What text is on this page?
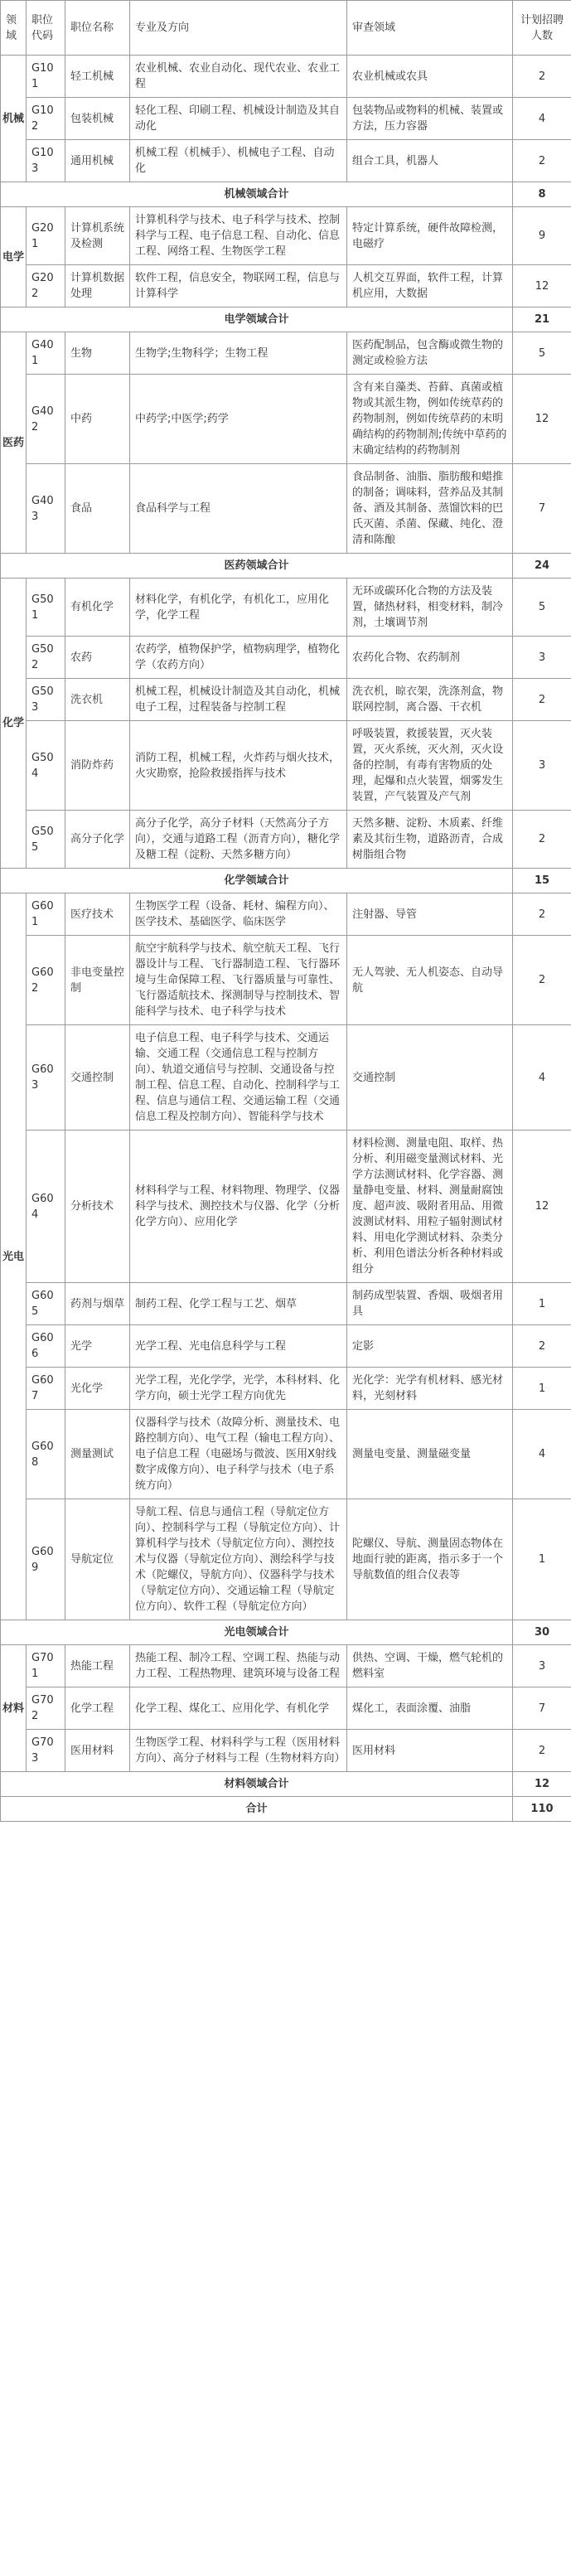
领域	职位代码	职位名称	专业及方向	审查领域	计划招聘人数
机械	G101	轻工机械	农业机械、农业自动化、现代农业、农业工程	农业机械或农具	2
	G102	包装机械	轻化工程、印刷工程、机械设计制造及其自动化	包装物品或物料的机械、装置或方法，压力容器	4
	G103	通用机械	机械工程（机械手）、机械电子工程、自动化	组合工具，机器人	2
机械领域合计					8
电学	G201	计算机系统及检测	计算机科学与技术、电子科学与技术、控制科学与工程、电子信息工程、自动化、信息工程、网络工程、生物医学工程	特定计算系统，硬件故障检测，电磁疗	9
	G202	计算机数据处理	软件工程，信息安全，物联网工程，信息与计算科学	人机交互界面，软件工程，计算机应用，大数据	12
电学领域合计					21
医药	G401	生物	生物学;生物科学；生物工程	医药配制品，包含酶或微生物的测定或检验方法	5
	G402	中药	中药学;中医学;药学	含有来自藻类、苔藓、真菌或植物或其派生物，例如传统草药的药物制剂，例如传统草药的末明确结构的药物制剂;传统中草药的末确定结构的药物制剂	12
	G403	食品	食品科学与工程	食品制备、油脂、脂肪酸和蜡推的制备；调味料，营养品及其制备、酒及其制备、蒸馏饮料的巴氏灭菌、杀菌、保藏、纯化、澄清和陈酿	7
医药领域合计					24
化学	G501	有机化学	材料化学，有机化学，有机化工，应用化学，化学工程	无环或碳环化合物的方法及装置，储热材料，相变材料，制冷剂，土壤调节剂	5
	G502	农药	农药学，植物保护学，植物病理学，植物化学（农药方向）	农药化合物、农药制剂	3
	G503	洗衣机	机械工程，机械设计制造及其自动化，机械电子工程，过程装备与控制工程	洗衣机，晾衣架，洗涤剂盒，物联网控制，离合器、干衣机	2
	G504	消防炸药	消防工程，机械工程，火炸药与烟火技术，火灾勘察，抢险救援指挥与技术	呼吸装置，救援装置，灭火装置，灭火系统，灭火剂，灭火设备的控制，有毒有害物质的处理，起爆和点火装置，烟雾发生装置，产气装置及产气剂	3
	G505	高分子化学	高分子化学，高分子材料（天然高分子方向），交通与道路工程（沥青方向），糖化学及糖工程（淀粉、天然多糖方向）	天然多糖、淀粉、木质素、纤维素及其衍生物，道路沥青，合成树脂组合物	2
化学领域合计					15
光电	G601	医疗技术	生物医学工程（设备、耗材、编程方向）、医学技术、基础医学、临床医学	注射器、导管	2
	G602	非电变量控制	航空宇航科学与技术、航空航天工程、飞行器设计与工程、飞行器制造工程、飞行器环境与生命保障工程、飞行器质量与可靠性、飞行器适航技术、探测制导与控制技术、智能科学与技术、电子科学与技术	无人驾驶、无人机姿态、自动导航	2
	G603	交通控制	电子信息工程、电子科学与技术、交通运输、交通工程（交通信息工程与控制方向）、轨道交通信号与控制、交通设备与控制工程、信息工程、自动化、控制科学与工程、信息与通信工程、交通运输工程（交通信息工程及控制方向）、智能科学与技术	交通控制	4
	G604	分析技术	材料科学与工程、材料物理、物理学、仪器科学与技术、测控技术与仪器、化学（分析化学方向）、应用化学	材料检测、测量电阻、取样、热分析、利用磁变量测试材料、光学方法测试材料、化学容器、测量静电变量、材料、测量耐腐蚀度、超声波、吸附者用品、用微波测试材料、用粒子辐射测试材料、用电化学测试材料、杂类分析、利用色谱法分析各种材料或组分	12
	G605	药剂与烟草	制药工程、化学工程与工艺、烟草	制药成型装置、香烟、吸烟者用具	1
	G606	光学	光学工程、光电信息科学与工程	定影	2
	G607	光化学	光学工程，光化学学，光学，本科材料、化学方向，硕士光学工程方向优先	光化学：光学有机材料、感光材料，光刻材料	1
	G608	测量测试	仪器科学与技术（故障分析、测量技术、电路控制方向）、电气工程（输电工程方向）、电子信息工程（电磁场与微波、医用X射线数字成像方向）、电子科学与技术（电子系统方向）	测量电变量、测量磁变量	4
	G609	导航定位	导航工程、信息与通信工程（导航定位方向）、控制科学与工程（导航定位方向）、计算机科学与技术（导航定位方向）、测控技术与仪器（导航定位方向）、测绘科学与技术（陀螺仪，导航方向）、仪器科学与技术（导航定位方向）、交通运输工程（导航定位方向）、软件工程（导航定位方向）	陀螺仪、导航、测量固态物体在地面行驶的距离，指示多于一个导航数值的组合仪表等	1
光电领域合计					30
材料	G701	热能工程	热能工程、制冷工程、空调工程、热能与动力工程、工程热物理、建筑环境与设备工程	供热、空调、干燥，燃气轮机的燃料室	3
	G702	化学工程	化学工程、煤化工、应用化学、有机化学	煤化工，表面涂覆、油脂	7
	G703	医用材料	生物医学工程、材料科学与工程（医用材料方向）、高分子材料与工程（生物材料方向）	医用材料	2
材料领域合计					12
合计					110
